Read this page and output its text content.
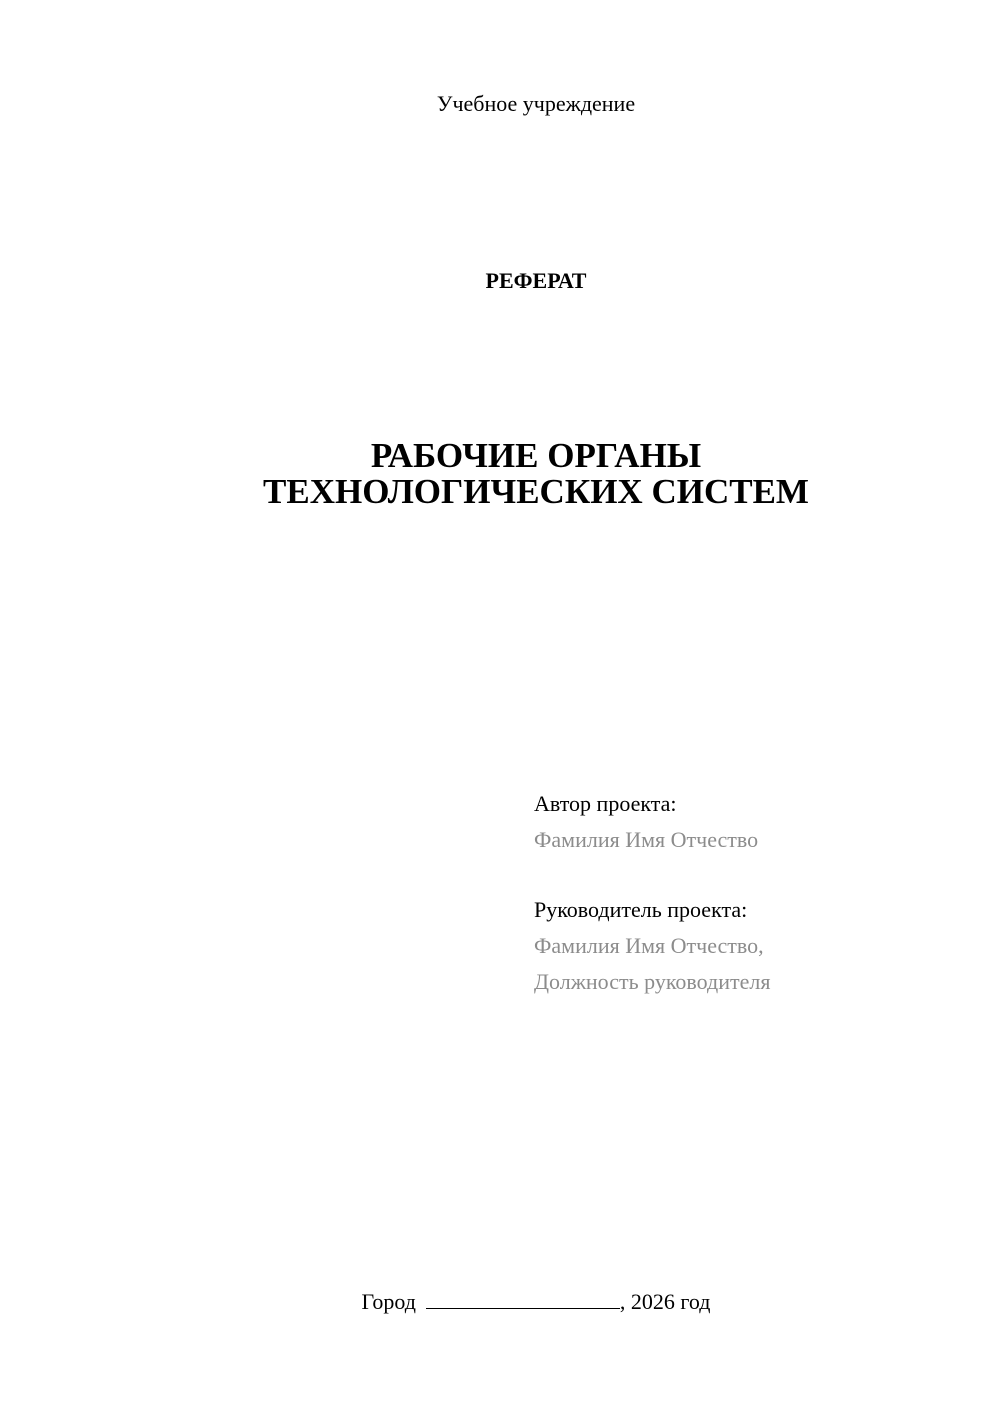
Учебное учреждение
РЕФЕРАТ
РАБОЧИЕ ОРГАНЫ
ТЕХНОЛОГИЧЕСКИХ СИСТЕМ
Автор проекта:
Фамилия Имя Отчество
Руководитель проекта:
Фамилия Имя Отчество,
Должность руководителя
Город	, 2026 год
